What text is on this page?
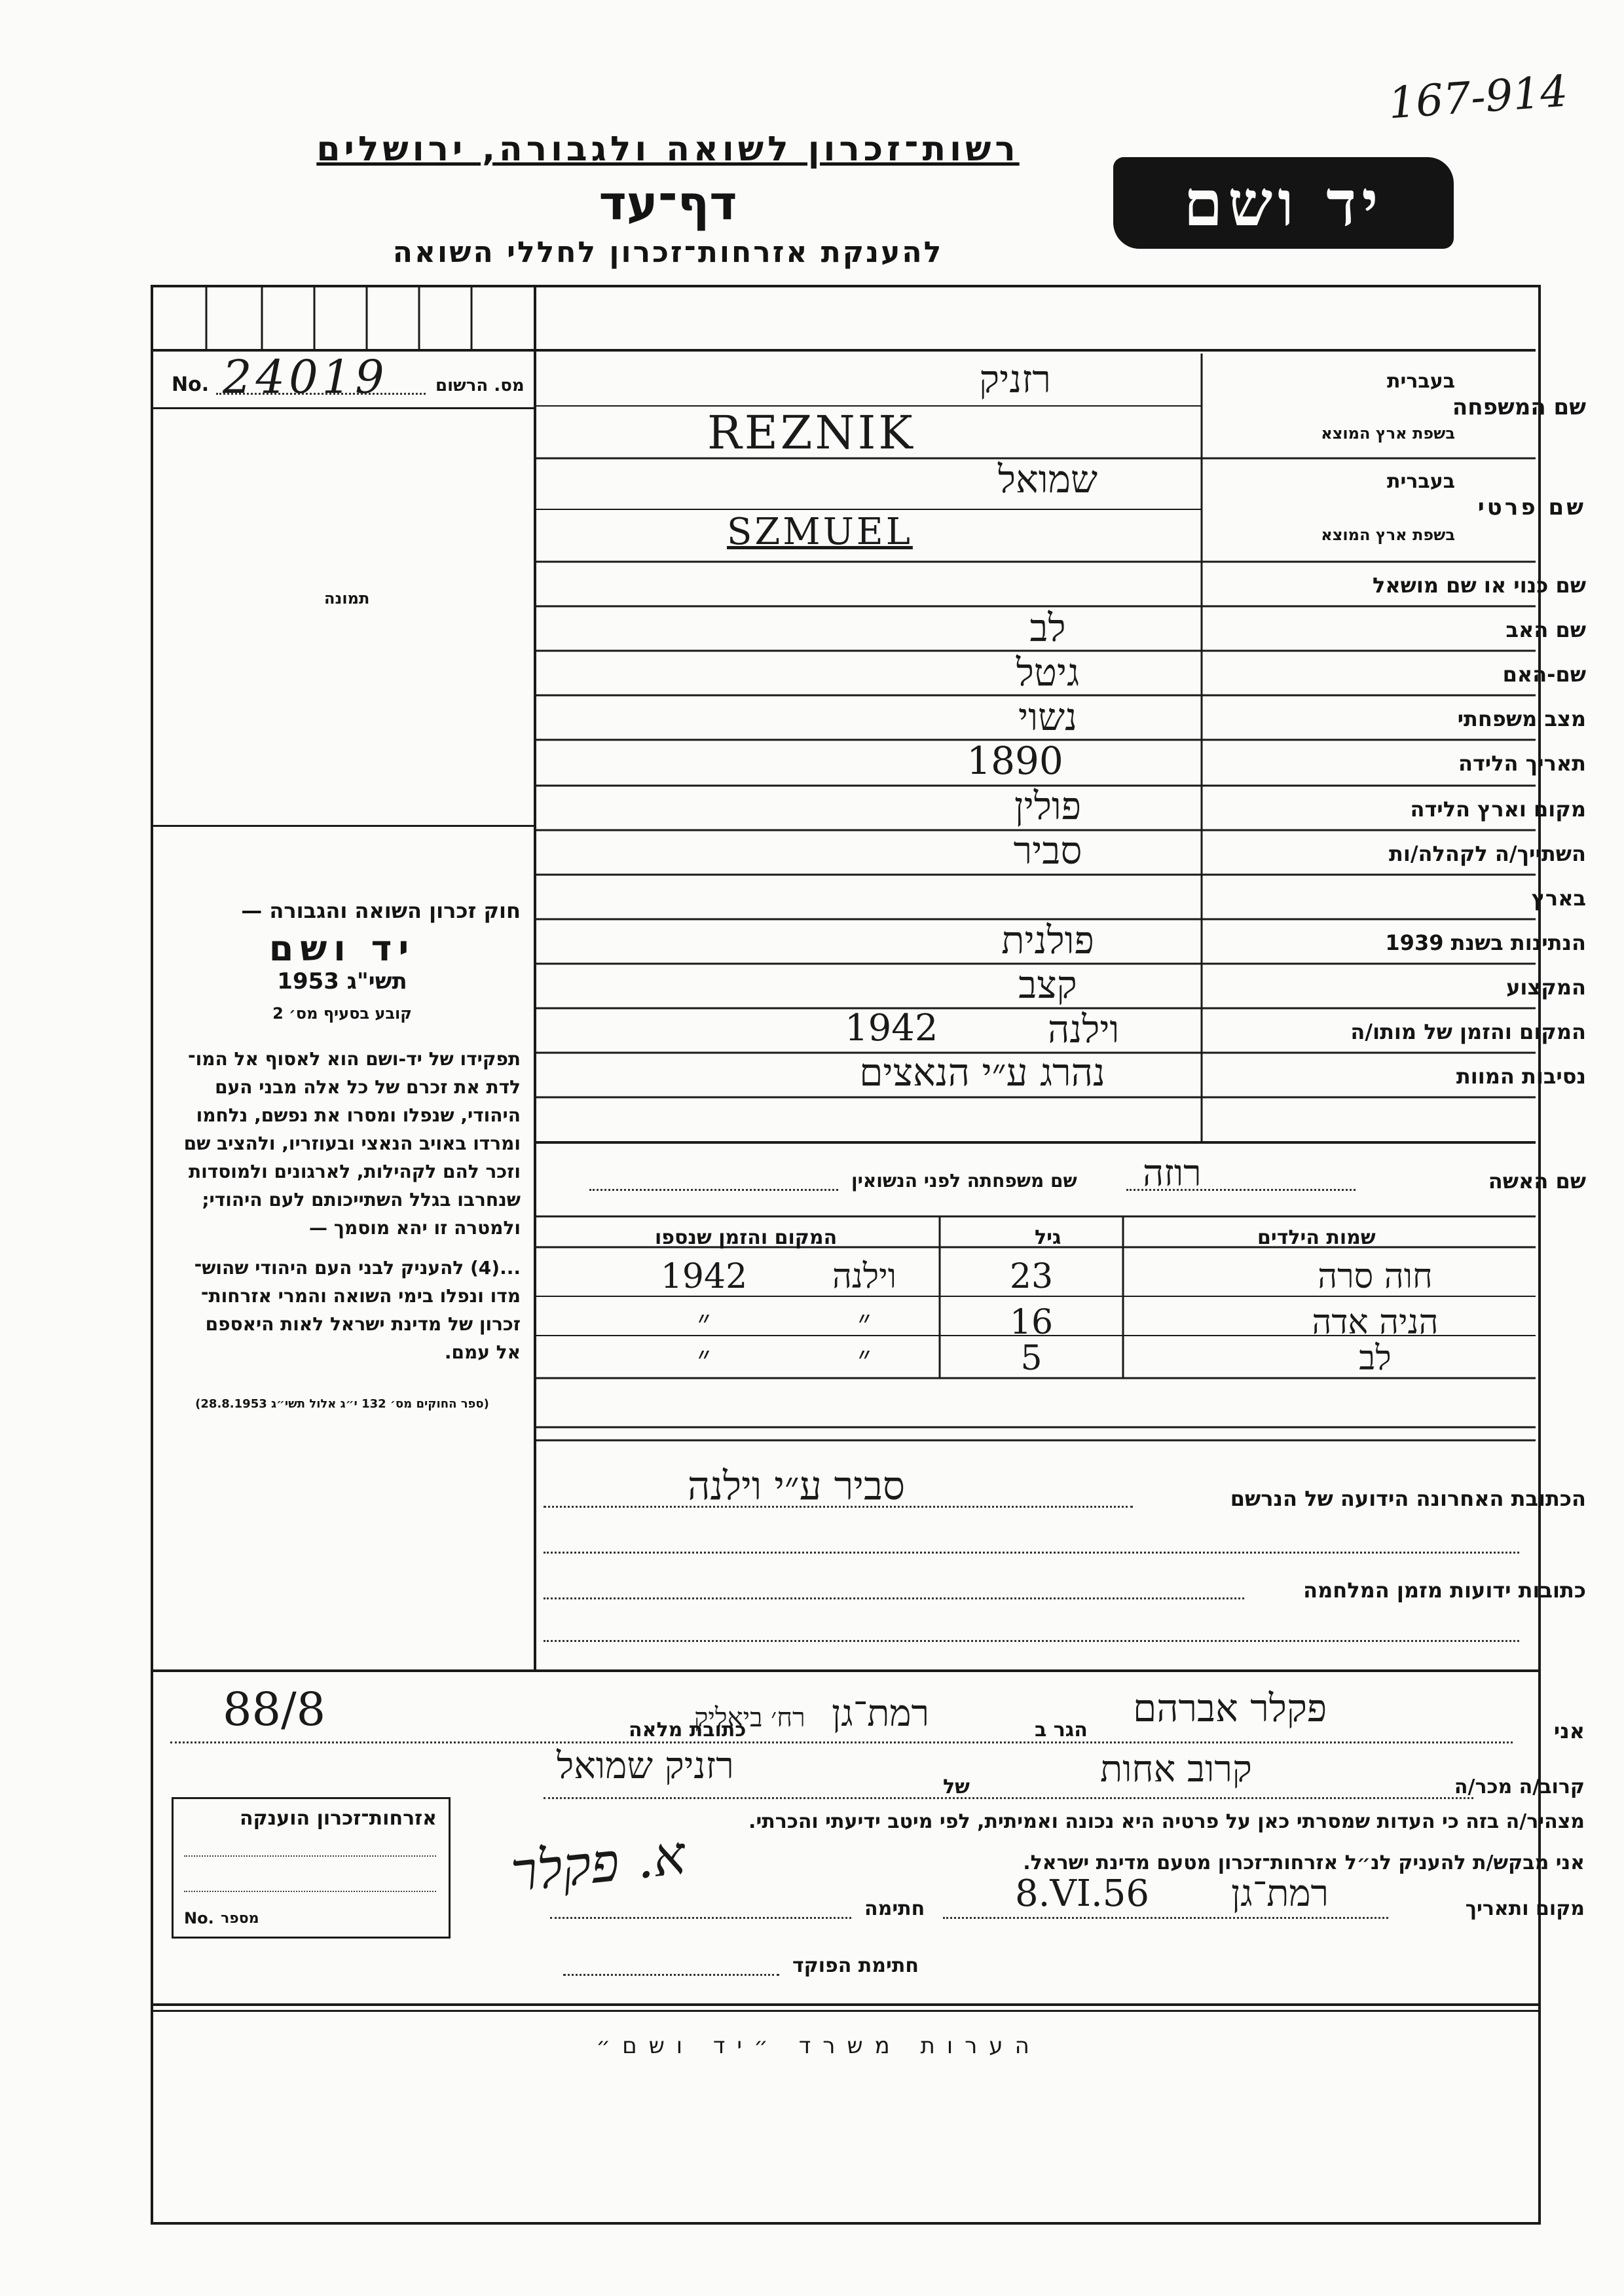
167-914
רשות־זכרון לשואה ולגבורה, ירושלים
דף־עד
להענקת אזרחות־זכרון לחללי השואה
יד ושם
No. 24019	מס. הרשום
תמונה
חוק זכרון השואה והגבורה —
יד ושם
תשי"ג 1953
קובע בסעיף מס׳ 2
תפקידו של יד-ושם הוא לאסוף אל המו־
לדת את זכרם של כל אלה מבני העם
היהודי, שנפלו ומסרו את נפשם, נלחמו
ומרדו באויב הנאצי ובעוזריו, ולהציב שם
וזכר להם לקהילות, לארגונים ולמוסדות
שנחרבו בגלל השתייכותם לעם היהודי;
ולמטרה זו יהא מוסמך —
...(4) להעניק לבני העם היהודי שהוש־
מדו ונפלו בימי השואה והמרי אזרחות־
זכרון של מדינת ישראל לאות היאספם
אל עמם.
(ספר החוקים מס׳ 132 י״ג אלול תשי״ג 28.8.1953)
בעברית
שם המשפחה
בשפת ארץ המוצא
בעברית
שם פרטי
בשפת ארץ המוצא
שם כנוי או שם מושאל
שם האב
שם-האם
מצב משפחתי
תאריך הלידה
מקום וארץ הלידה
השתייך/ה לקהלה/ות
בארץ
הנתינות בשנת 1939
המקצוע
המקום והזמן של מותו/ה
נסיבות המוות
רזניק
REZNIK
שמואל
SZMUEL
לב
גיטל
נשוי
1890
פולין
סביר
פולנית
קצב
1942	וילנה
נהרג ע״י הנאצים
שם האשה
רוזה
שם משפחתה לפני הנשואין
שמות הילדים
גיל
המקום והזמן שנספו
חוה סרה
23
וילנה
1942
הניה אדה
16
״
״
לב
5
״
״
הכתובת האחרונה הידועה של הנרשם
סביר ע״י וילנה
כתובות ידועות מזמן המלחמה
אני
פקלר אברהם
הגר ב
רמת־גן
רח׳ ביאליק
כתובת מלאה
88/8
קרוב/ה מכר/ה
קרוב אחות
של
רזניק שמואל
מצהיר/ה בזה כי העדות שמסרתי כאן על פרטיה היא נכונה ואמיתית, לפי מיטב ידיעתי והכרתי.
אני מבקש/ת להעניק לנ״ל אזרחות־זכרון מטעם מדינת ישראל.
מקום ותאריך
רמת־גן
8.VI.56
חתימה
א. פקלר
חתימת הפוקד
אזרחות־זכרון הוענקה
No. מספר
הערות משרד ״יד ושם״
